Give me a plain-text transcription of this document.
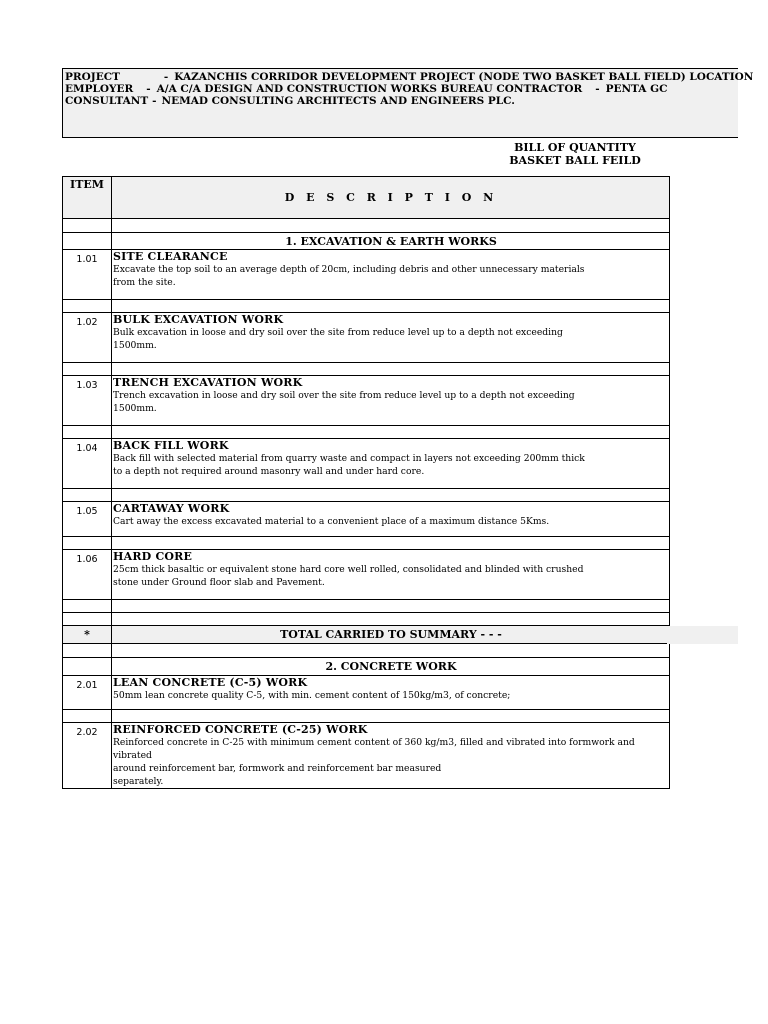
PROJECT	- KAZANCHIS CORRIDOR DEVELOPMENT PROJECT (NODE TWO BASKET BALL FIELD) LOCATION
EMPLOYER - A/A C/A DESIGN AND CONSTRUCTION WORKS BUREAU CONTRACTOR - PENTA GC
CONSULTANT - NEMAD CONSULTING ARCHITECTS AND ENGINEERS PLC.
BILL OF QUANTITY
BASKET BALL FEILD
ITEM	D E S C R I P T I O N

	1. EXCAVATION & EARTH WORKS

1.01	SITE CLEARANCE
Excavate the top soil to an average depth of 20cm, including debris and other unnecessary materials
from the site.

1.02	BULK EXCAVATION WORK
Bulk excavation in loose and dry soil over the site from reduce level up to a depth not exceeding
1500mm.

1.03	TRENCH EXCAVATION WORK
Trench excavation in loose and dry soil over the site from reduce level up to a depth not exceeding
1500mm.

1.04	BACK FILL WORK
Back fill with selected material from quarry waste and compact in layers not exceeding 200mm thick
to a depth not required around masonry wall and under hard core.

1.05	CARTAWAY WORK
Cart away the excess excavated material to a convenient place of a maximum distance 5Kms.

1.06	HARD CORE
25cm thick basaltic or equivalent stone hard core well rolled, consolidated and blinded with crushed
stone under Ground floor slab and Pavement.

*	TOTAL CARRIED TO SUMMARY - - -

	2. CONCRETE WORK

2.01	LEAN CONCRETE (C-5) WORK
50mm lean concrete quality C-5, with min. cement content of 150kg/m3, of concrete;

2.02	REINFORCED CONCRETE (C-25) WORK
Reinforced concrete in C-25 with minimum cement content of 360 kg/m3, filled and vibrated into formwork and vibrated
around reinforcement bar, formwork and reinforcement bar measured
separately.
